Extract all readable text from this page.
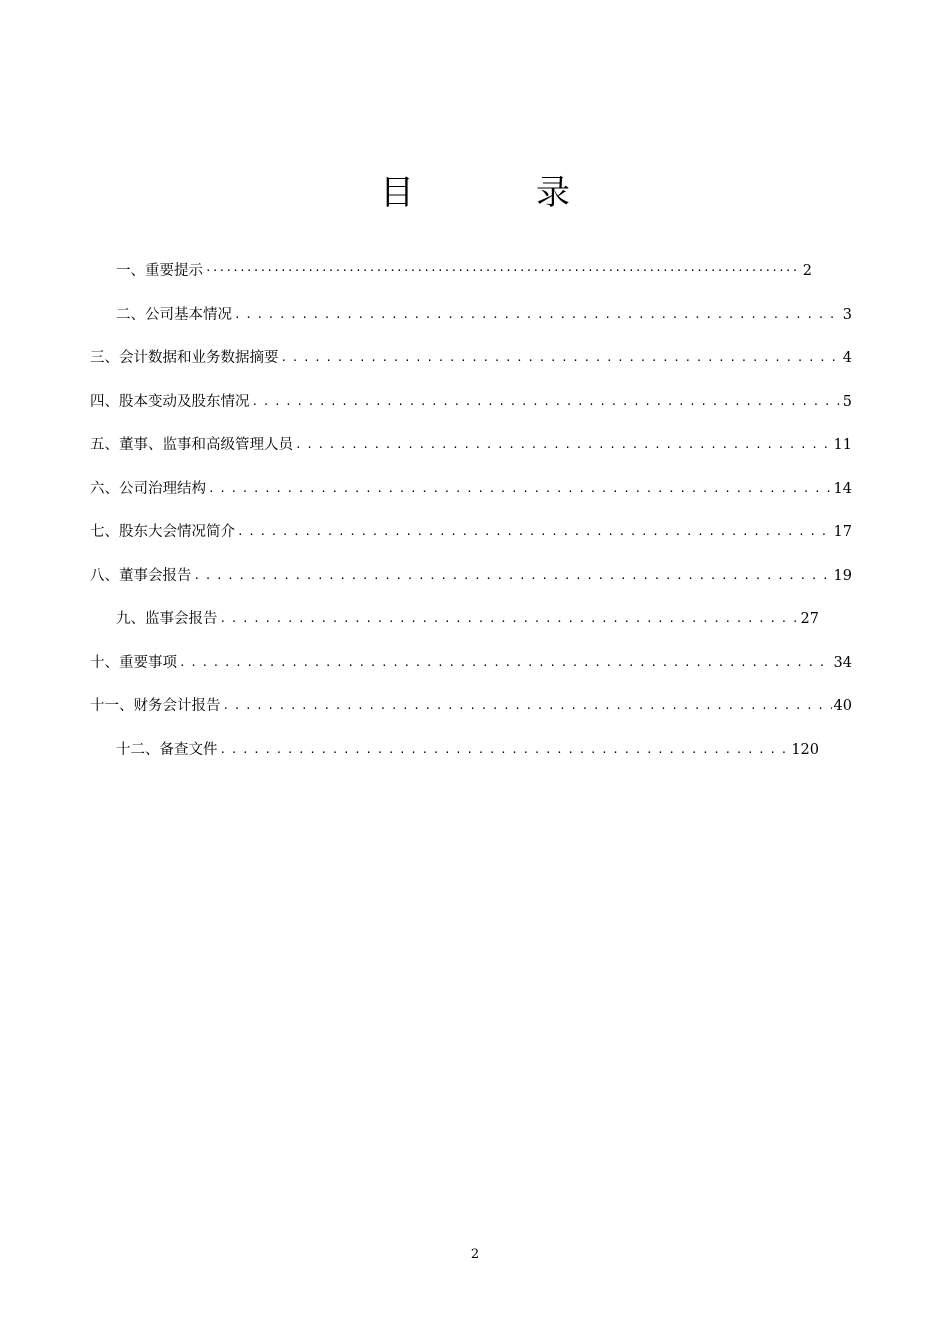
目　录
一、重要提示 ·····	2
二、公司基本情况 .....	3
三、会计数据和业务数据摘要 .....	4
四、股本变动及股东情况 .....	5
五、董事、监事和高级管理人员 .....	11
六、公司治理结构 .....	14
七、股东大会情况简介 .....	17
八、董事会报告 .....	19
九、监事会报告 .....	27
十、重要事项 .....	34
十一、财务会计报告 .....	40
十二、备查文件 .....	120
2
